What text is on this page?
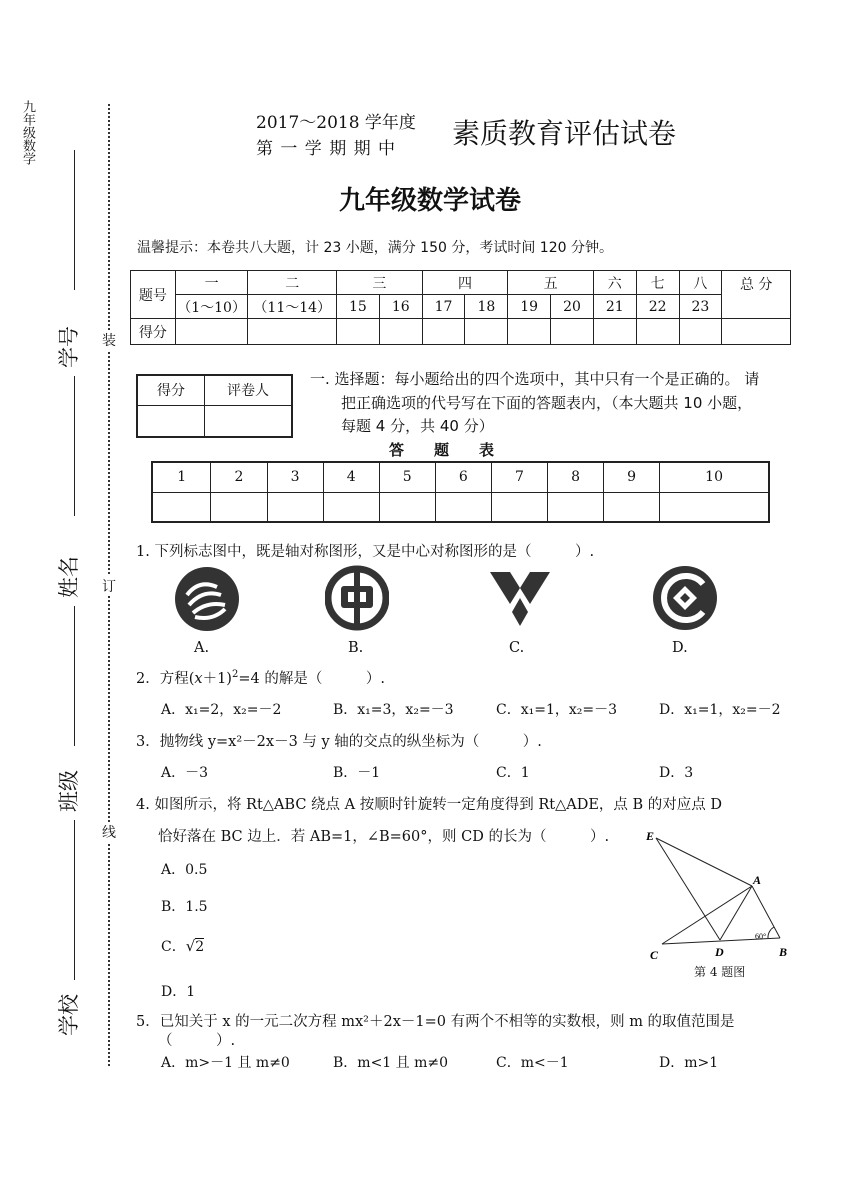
九年级数学
学号
姓名
班级
学校
装
订
线
2017～2018 学年度
第 一 学 期 期 中 素质教育评估试卷
九年级数学试卷
温馨提示：本卷共八大题，计 23 小题，满分 150 分，考试时间 120 分钟。
题号	一	二	三		四		五		六	七	八	总 分
	（1～10）	（11～14）	15	16	17	18	19	20	21	22	23	
得分												
得分	评卷人

一. 选择题：每小题给出的四个选项中，其中只有一个是正确的。 请
把正确选项的代号写在下面的答题表内，（本大题共 10 小题，
每题 4 分，共 40 分）
答　　题　　表
1	2	3	4	5	6	7	8	9	10

1. 下列标志图中，既是轴对称图形，又是中心对称图形的是（　　　）.
A.	B.	C.	D.
2．方程$(x+1)^2=4$ 的解是（　　　）.
A．x₁=2，x₂=－2	B．x₁=3，x₂=－3	C．x₁=1，x₂=－3	D．x₁=1，x₂=－2
3．抛物线 y=x²－2x－3 与 y 轴的交点的纵坐标为（　　　）.
A．－3	B．－1	C．1	D．3
4. 如图所示，将 Rt△ABC 绕点 A 按顺时针旋转一定角度得到 Rt△ADE，点 B 的对应点 D
恰好落在 BC 边上．若 AB=1，∠B=60°，则 CD 的长为（　　　）.
A．0.5
B．1.5
C．√2
D．1
E
A
C	D	B
60°
第 4 题图
5．已知关于 x 的一元二次方程 mx²＋2x－1=0 有两个不相等的实数根，则 m 的取值范围是
（　　　）.
A．m>－1 且 m≠0	B．m<1 且 m≠0	C．m<－1	D．m>1
